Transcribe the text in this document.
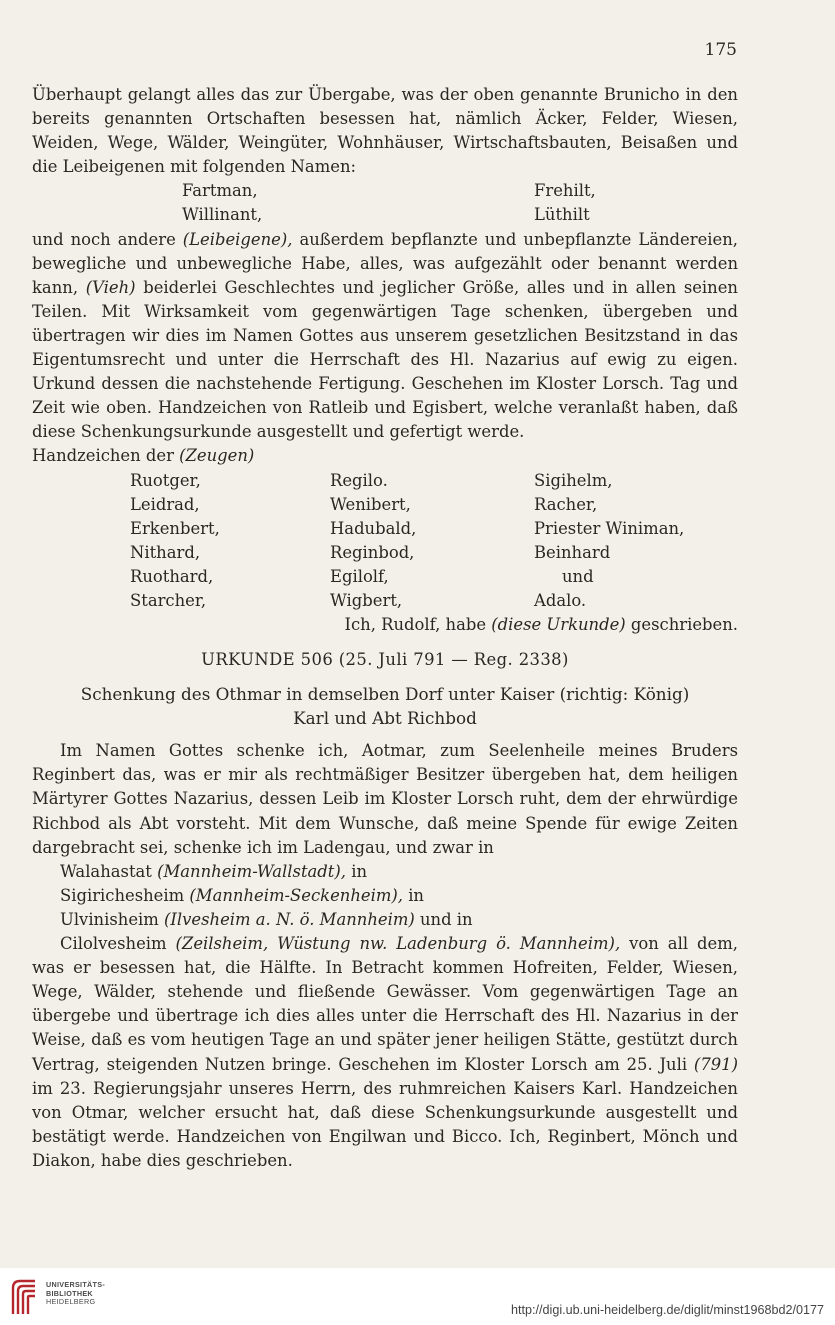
175

Überhaupt gelangt alles das zur Übergabe, was der oben genannte Brunicho in den bereits genannten Ortschaften besessen hat, nämlich Äcker, Felder, Wiesen, Weiden, Wege, Wälder, Weingüter, Wohnhäuser, Wirtschaftsbauten, Beisaßen und die Leibeigenen mit folgenden Namen:

Fartman,	Frehilt,
Willinant,	Lüthilt

und noch andere (Leibeigene), außerdem bepflanzte und unbepflanzte Ländereien, bewegliche und unbewegliche Habe, alles, was aufgezählt oder benannt werden kann, (Vieh) beiderlei Geschlechtes und jeglicher Größe, alles und in allen seinen Teilen. Mit Wirksamkeit vom gegenwärtigen Tage schenken, übergeben und übertragen wir dies im Namen Gottes aus unserem gesetzlichen Besitzstand in das Eigentumsrecht und unter die Herrschaft des Hl. Nazarius auf ewig zu eigen. Urkund dessen die nachstehende Fertigung. Geschehen im Kloster Lorsch. Tag und Zeit wie oben. Handzeichen von Ratleib und Egisbert, welche veranlaßt haben, daß diese Schenkungsurkunde ausgestellt und gefertigt werde.

Handzeichen der (Zeugen)

Ruotger,	Regilo.	Sigihelm,
Leidrad,	Wenibert,	Racher,
Erkenbert,	Hadubald,	Priester Winiman,
Nithard,	Reginbod,	Beinhard
Ruothard,	Egilolf,	und
Starcher,	Wigbert,	Adalo.

Ich, Rudolf, habe (diese Urkunde) geschrieben.

URKUNDE 506 (25. Juli 791 — Reg. 2338)

Schenkung des Othmar in demselben Dorf unter Kaiser (richtig: König)

Karl und Abt Richbod

Im Namen Gottes schenke ich, Aotmar, zum Seelenheile meines Bruders Reginbert das, was er mir als rechtmäßiger Besitzer übergeben hat, dem heiligen Märtyrer Gottes Nazarius, dessen Leib im Kloster Lorsch ruht, dem der ehrwürdige Richbod als Abt vorsteht. Mit dem Wunsche, daß meine Spende für ewige Zeiten dargebracht sei, schenke ich im Ladengau, und zwar in

Walahastat (Mannheim-Wallstadt), in

Sigirichesheim (Mannheim-Seckenheim), in

Ulvinisheim (Ilvesheim a. N. ö. Mannheim) und in

Cilolvesheim (Zeilsheim, Wüstung nw. Ladenburg ö. Mannheim), von all dem, was er besessen hat, die Hälfte. In Betracht kommen Hofreiten, Felder, Wiesen, Wege, Wälder, stehende und fließende Gewässer. Vom gegenwärtigen Tage an übergebe und übertrage ich dies alles unter die Herrschaft des Hl. Nazarius in der Weise, daß es vom heutigen Tage an und später jener heiligen Stätte, gestützt durch Vertrag, steigenden Nutzen bringe. Geschehen im Kloster Lorsch am 25. Juli (791) im 23. Regierungsjahr unseres Herrn, des ruhmreichen Kaisers Karl. Handzeichen von Otmar, welcher ersucht hat, daß diese Schenkungsurkunde ausgestellt und bestätigt werde. Handzeichen von Engilwan und Bicco. Ich, Reginbert, Mönch und Diakon, habe dies geschrieben.

UNIVERSITÄTS-
BIBLIOTHEK
HEIDELBERG
http://digi.ub.uni-heidelberg.de/diglit/minst1968bd2/0177
